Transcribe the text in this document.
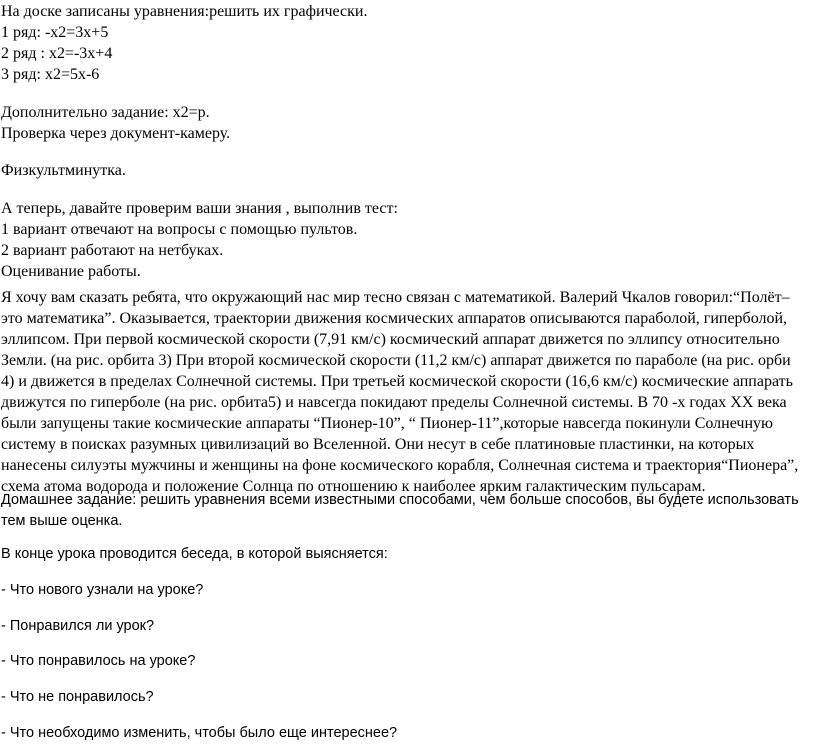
На доске записаны уравнения:решить их графически.

1 ряд: -х2=3х+5

2 ряд : х2=-3х+4

3 ряд: х2=5х-6

Дополнительно задание: х2=р.

Проверка через документ-камеру.

Физкультминутка.

А теперь, давайте проверим ваши знания , выполнив тест:

1 вариант отвечают на вопросы с помощью пультов.

2 вариант работают на нетбуках.

Оценивание работы.

Я хочу вам сказать ребята, что окружающий нас мир тесно связан с математикой. Валерий Чкалов говорил:“Полёт–
это математика”. Оказывается, траектории движения космических аппаратов описываются параболой, гиперболой,
эллипсом. При первой космической скорости (7,91 км/с) космический аппарат движется по эллипсу относительно
Земли. (на рис. орбита 3) При второй космической скорости (11,2 км/с) аппарат движется по параболе (на рис. орби
4) и движется в пределах Солнечной системы. При третьей космической скорости (16,6 км/с) космические аппарать
движутся по гиперболе (на рис. орбита5) и навсегда покидают пределы Солнечной системы. В 70 -х годах XX века
были запущены такие космические аппараты “Пионер-10”, “ Пионер-11”,которые навсегда покинули Солнечную
систему в поисках разумных цивилизаций во Вселенной. Они несут в себе платиновые пластинки, на которых
нанесены силуэты мужчины и женщины на фоне космического корабля, Солнечная система и траектория“Пионера”,
схема атома водорода и положение Солнца по отношению к наиболее ярким галактическим пульсарам.
Домашнее задание: решить уравнения всеми известными способами, чем больше способов, вы будете использовать
тем выше оценка.

В конце урока проводится беседа, в которой выясняется:

- Что нового узнали на уроке?

- Понравился ли урок?

- Что понравилось на уроке?

- Что не понравилось?

- Что необходимо изменить, чтобы было еще интереснее?
